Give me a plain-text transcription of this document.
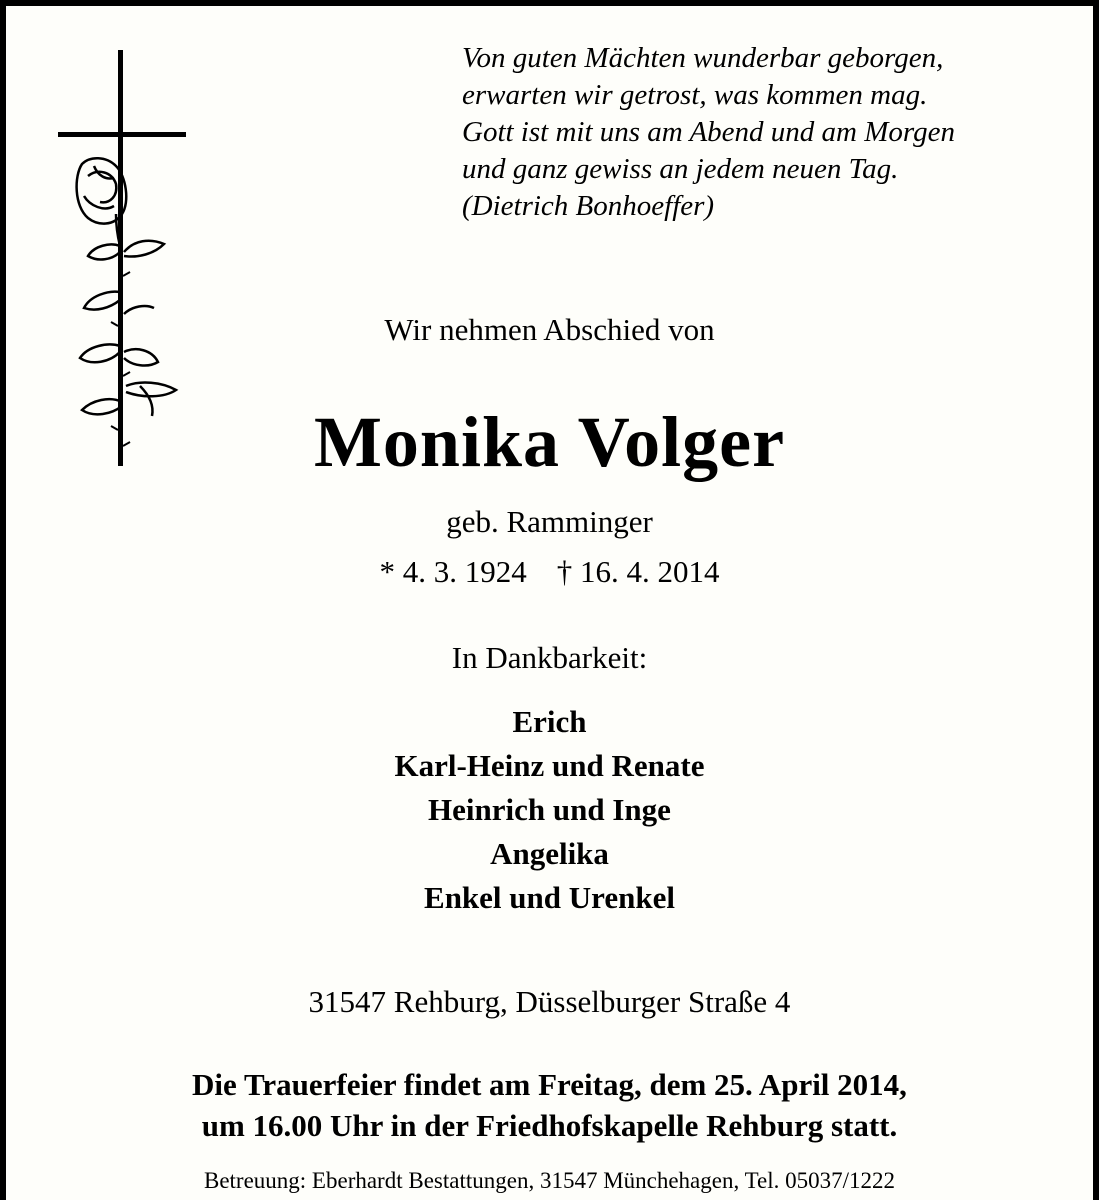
Von guten Mächten wunderbar geborgen,
erwarten wir getrost, was kommen mag.
Gott ist mit uns am Abend und am Morgen
und ganz gewiss an jedem neuen Tag.
(Dietrich Bonhoeffer)
Wir nehmen Abschied von
Monika Volger
geb. Ramminger
* 4. 3. 1924 † 16. 4. 2014
In Dankbarkeit:
Erich
Karl-Heinz und Renate
Heinrich und Inge
Angelika
Enkel und Urenkel
31547 Rehburg, Düsselburger Straße 4
Die Trauerfeier findet am Freitag, dem 25. April 2014,
um 16.00 Uhr in der Friedhofskapelle Rehburg statt.
Betreuung: Eberhardt Bestattungen, 31547 Münchehagen, Tel. 05037/1222
